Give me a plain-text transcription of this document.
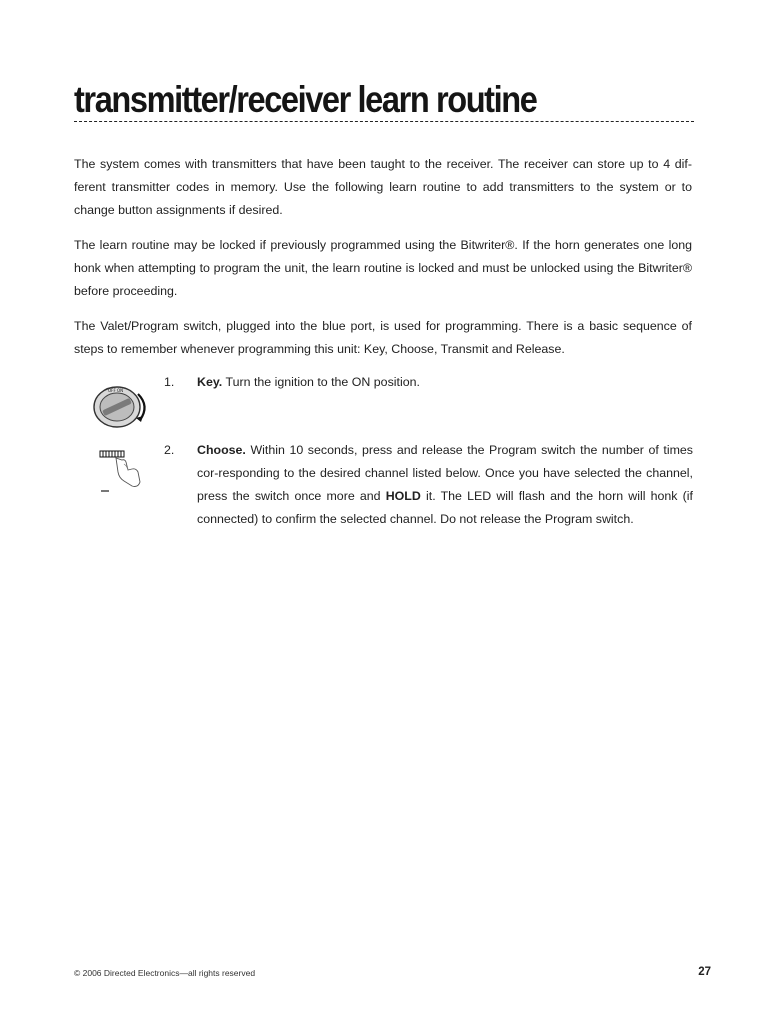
transmitter/receiver learn routine

The system comes with transmitters that have been taught to the receiver. The receiver can store up to 4 dif-ferent transmitter codes in memory. Use the following learn routine to add transmitters to the system or to change button assignments if desired.

The learn routine may be locked if previously programmed using the Bitwriter®. If the horn generates one long honk when attempting to program the unit, the learn routine is locked and must be unlocked using the Bitwriter® before proceeding.

The Valet/Program switch, plugged into the blue port, is used for programming. There is a basic sequence of steps to remember whenever programming this unit: Key, Choose, Transmit and Release.

OFF ON
1. Key. Turn the ignition to the ON position.
2. Choose. Within 10 seconds, press and release the Program switch the number of times cor-responding to the desired channel listed below. Once you have selected the channel, press the switch once more and HOLD it. The LED will flash and the horn will honk (if connected) to confirm the selected channel. Do not release the Program switch.
© 2006 Directed Electronics—all rights reserved	27
